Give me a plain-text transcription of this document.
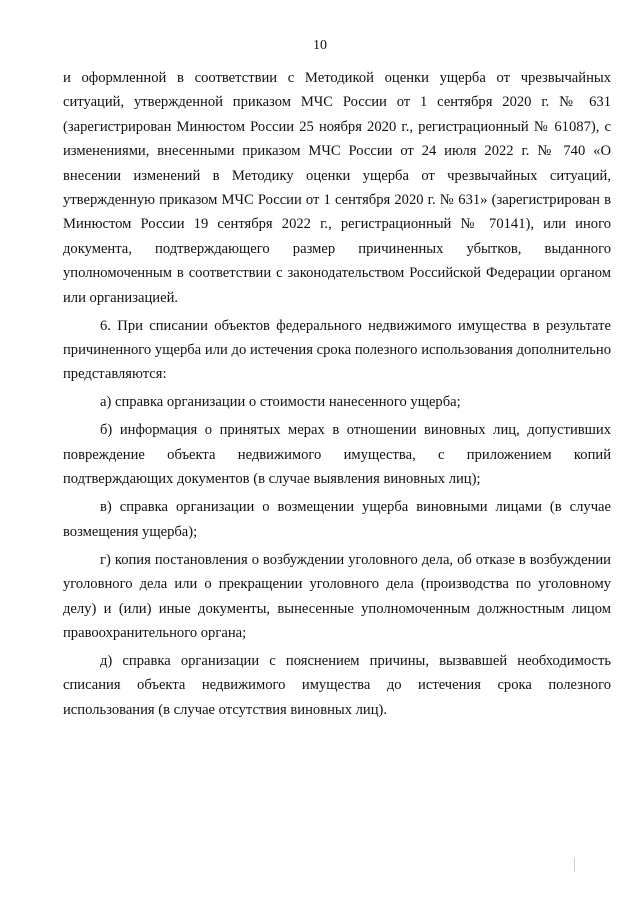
10

и оформленной в соответствии с Методикой оценки ущерба от чрезвычайных ситуаций, утвержденной приказом МЧС России от 1 сентября 2020 г. № 631 (зарегистрирован Минюстом России 25 ноября 2020 г., регистрационный № 61087), с изменениями, внесенными приказом МЧС России от 24 июля 2022 г. № 740 «О внесении изменений в Методику оценки ущерба от чрезвычайных ситуаций, утвержденную приказом МЧС России от 1 сентября 2020 г. № 631» (зарегистрирован в Минюстом России 19 сентября 2022 г., регистрационный № 70141), или иного документа, подтверждающего размер причиненных убытков, выданного уполномоченным в соответствии с законодательством Российской Федерации органом или организацией.

6. При списании объектов федерального недвижимого имущества в результате причиненного ущерба или до истечения срока полезного использования дополнительно представляются:

а) справка организации о стоимости нанесенного ущерба;

б) информация о принятых мерах в отношении виновных лиц, допустивших повреждение объекта недвижимого имущества, с приложением копий подтверждающих документов (в случае выявления виновных лиц);

в) справка организации о возмещении ущерба виновными лицами (в случае возмещения ущерба);

г) копия постановления о возбуждении уголовного дела, об отказе в возбуждении уголовного дела или о прекращении уголовного дела (производства по уголовному делу) и (или) иные документы, вынесенные уполномоченным должностным лицом правоохранительного органа;

д) справка организации с пояснением причины, вызвавшей необходимость списания объекта недвижимого имущества до истечения срока полезного использования (в случае отсутствия виновных лиц).
